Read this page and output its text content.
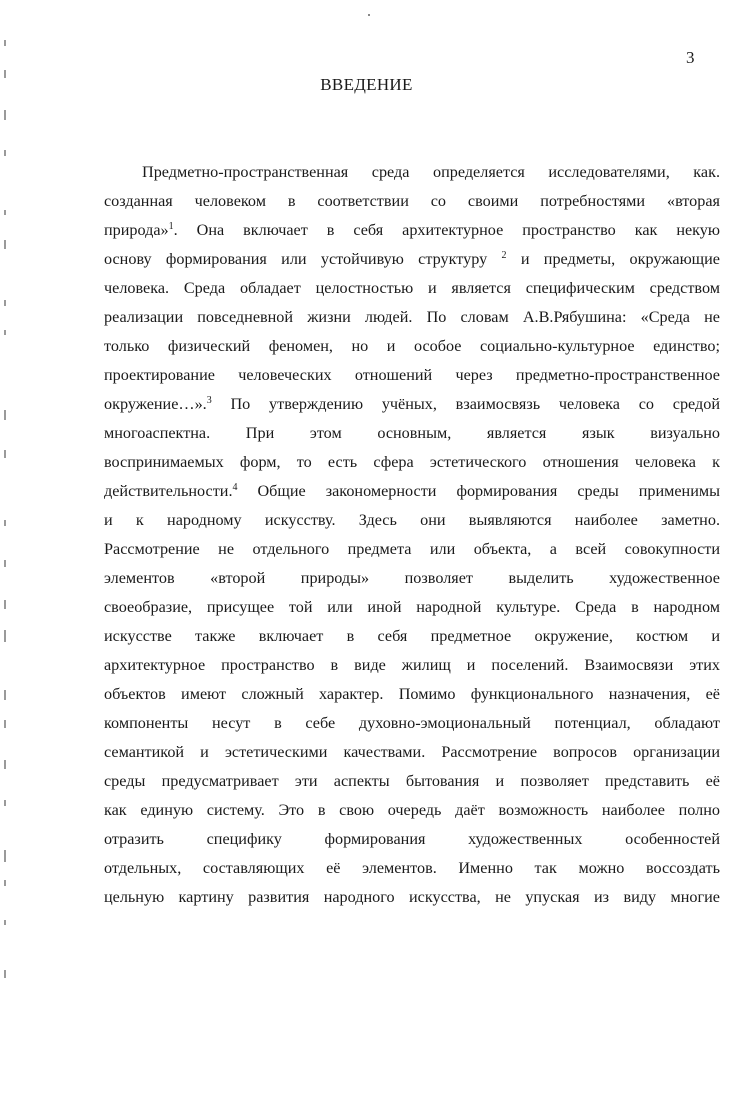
3
ВВЕДЕНИЕ
Предметно-пространственная среда определяется исследователями, как.
созданная человеком в соответствии со своими потребностями «вторая
природа»$^1$. Она включает в себя архитектурное пространство как некую
основу формирования или устойчивую структуру $^2$ и предметы, окружающие
человека. Среда обладает целостностью и является специфическим средством
реализации повседневной жизни людей. По словам А.В.Рябушина: «Среда не
только физический феномен, но и особое социально-культурное единство;
проектирование человеческих отношений через предметно-пространственное
окружение…».$^3$ По утверждению учёных, взаимосвязь человека со средой
многоаспектна. При этом основным, является язык визуально
воспринимаемых форм, то есть сфера эстетического отношения человека к
действительности.$^4$ Общие закономерности формирования среды применимы
и к народному искусству. Здесь они выявляются наиболее заметно.
Рассмотрение не отдельного предмета или объекта, а всей совокупности
элементов «второй природы» позволяет выделить художественное
своеобразие, присущее той или иной народной культуре. Среда в народном
искусстве также включает в себя предметное окружение, костюм и
архитектурное пространство в виде жилищ и поселений. Взаимосвязи этих
объектов имеют сложный характер. Помимо функционального назначения, её
компоненты несут в себе духовно-эмоциональный потенциал, обладают
семантикой и эстетическими качествами. Рассмотрение вопросов организации
среды предусматривает эти аспекты бытования и позволяет представить её
как единую систему. Это в свою очередь даёт возможность наиболее полно
отразить специфику формирования художественных особенностей
отдельных, составляющих её элементов. Именно так можно воссоздать
цельную картину развития народного искусства, не упуская из виду многие
